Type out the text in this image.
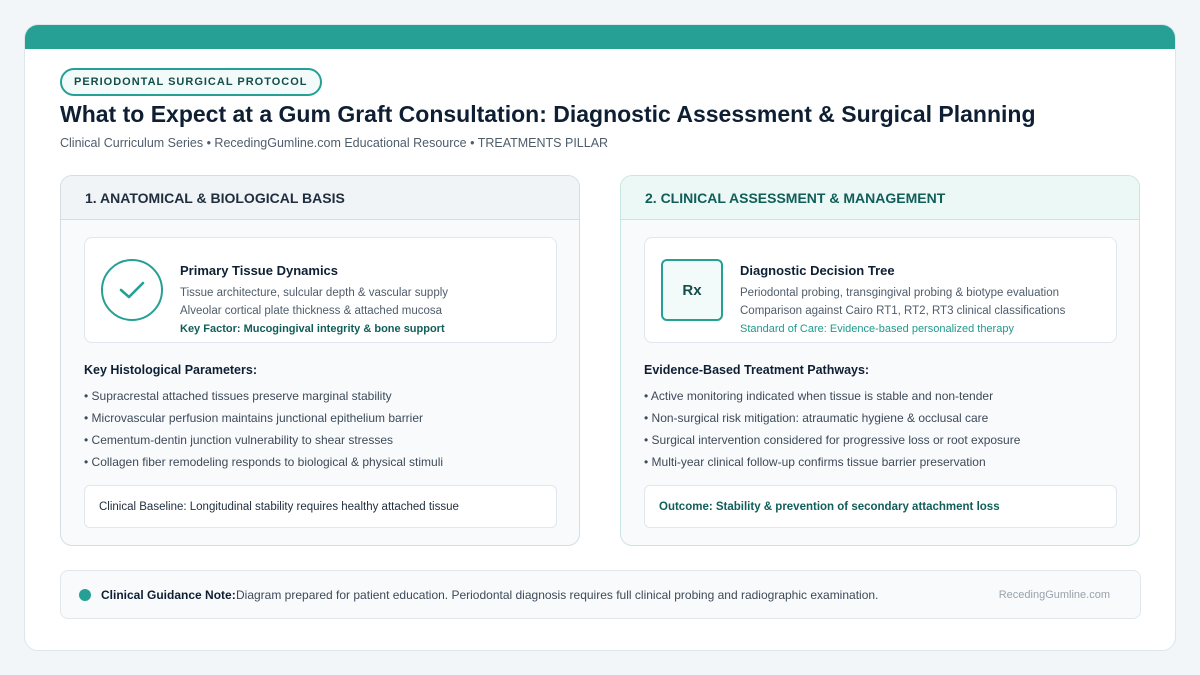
PERIODONTAL SURGICAL PROTOCOL
What to Expect at a Gum Graft Consultation: Diagnostic Assessment & Surgical Planning
Clinical Curriculum Series • RecedingGumline.com Educational Resource • TREATMENTS PILLAR
1. ANATOMICAL & BIOLOGICAL BASIS
Primary Tissue Dynamics
Tissue architecture, sulcular depth & vascular supply
Alveolar cortical plate thickness & attached mucosa
Key Factor: Mucogingival integrity & bone support
Key Histological Parameters:
• Supracrestal attached tissues preserve marginal stability
• Microvascular perfusion maintains junctional epithelium barrier
• Cementum-dentin junction vulnerability to shear stresses
• Collagen fiber remodeling responds to biological & physical stimuli
Clinical Baseline: Longitudinal stability requires healthy attached tissue
2. CLINICAL ASSESSMENT & MANAGEMENT
Rx
Diagnostic Decision Tree
Periodontal probing, transgingival probing & biotype evaluation
Comparison against Cairo RT1, RT2, RT3 clinical classifications
Standard of Care: Evidence-based personalized therapy
Evidence-Based Treatment Pathways:
• Active monitoring indicated when tissue is stable and non-tender
• Non-surgical risk mitigation: atraumatic hygiene & occlusal care
• Surgical intervention considered for progressive loss or root exposure
• Multi-year clinical follow-up confirms tissue barrier preservation
Outcome: Stability & prevention of secondary attachment loss
Clinical Guidance Note: Diagram prepared for patient education. Periodontal diagnosis requires full clinical probing and radiographic examination.	RecedingGumline.com
